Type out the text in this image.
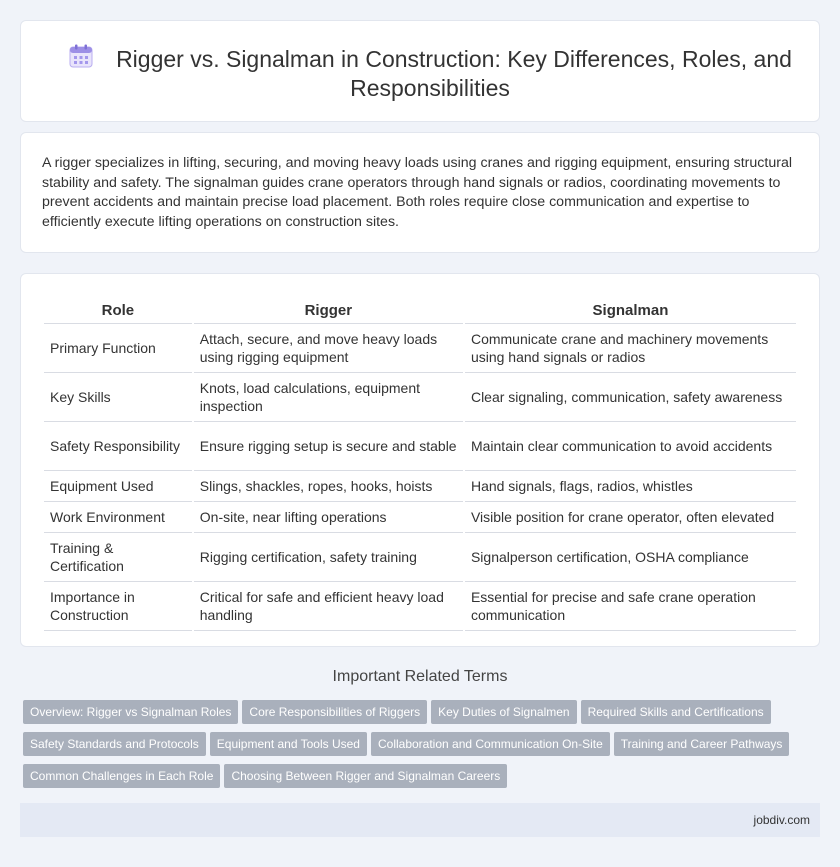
Rigger vs. Signalman in Construction: Key Differences, Roles, and Responsibilities

A rigger specializes in lifting, securing, and moving heavy loads using cranes and rigging equipment, ensuring structural stability and safety. The signalman guides crane operators through hand signals or radios, coordinating movements to prevent accidents and maintain precise load placement. Both roles require close communication and expertise to efficiently execute lifting operations on construction sites.

Role	Rigger	Signalman
Primary Function	Attach, secure, and move heavy loads using rigging equipment	Communicate crane and machinery movements using hand signals or radios
Key Skills	Knots, load calculations, equipment inspection	Clear signaling, communication, safety awareness
Safety Responsibility	Ensure rigging setup is secure and stable	Maintain clear communication to avoid accidents
Equipment Used	Slings, shackles, ropes, hooks, hoists	Hand signals, flags, radios, whistles
Work Environment	On-site, near lifting operations	Visible position for crane operator, often elevated
Training & Certification	Rigging certification, safety training	Signalperson certification, OSHA compliance
Importance in Construction	Critical for safe and efficient heavy load handling	Essential for precise and safe crane operation communication
Important Related Terms
Overview: Rigger vs Signalman Roles Core Responsibilities of Riggers Key Duties of Signalmen Required Skills and CertificationsSafety Standards and Protocols Equipment and Tools Used Collaboration and Communication On-Site Training and Career PathwaysCommon Challenges in Each Role Choosing Between Rigger and Signalman Careers
jobdiv.com
